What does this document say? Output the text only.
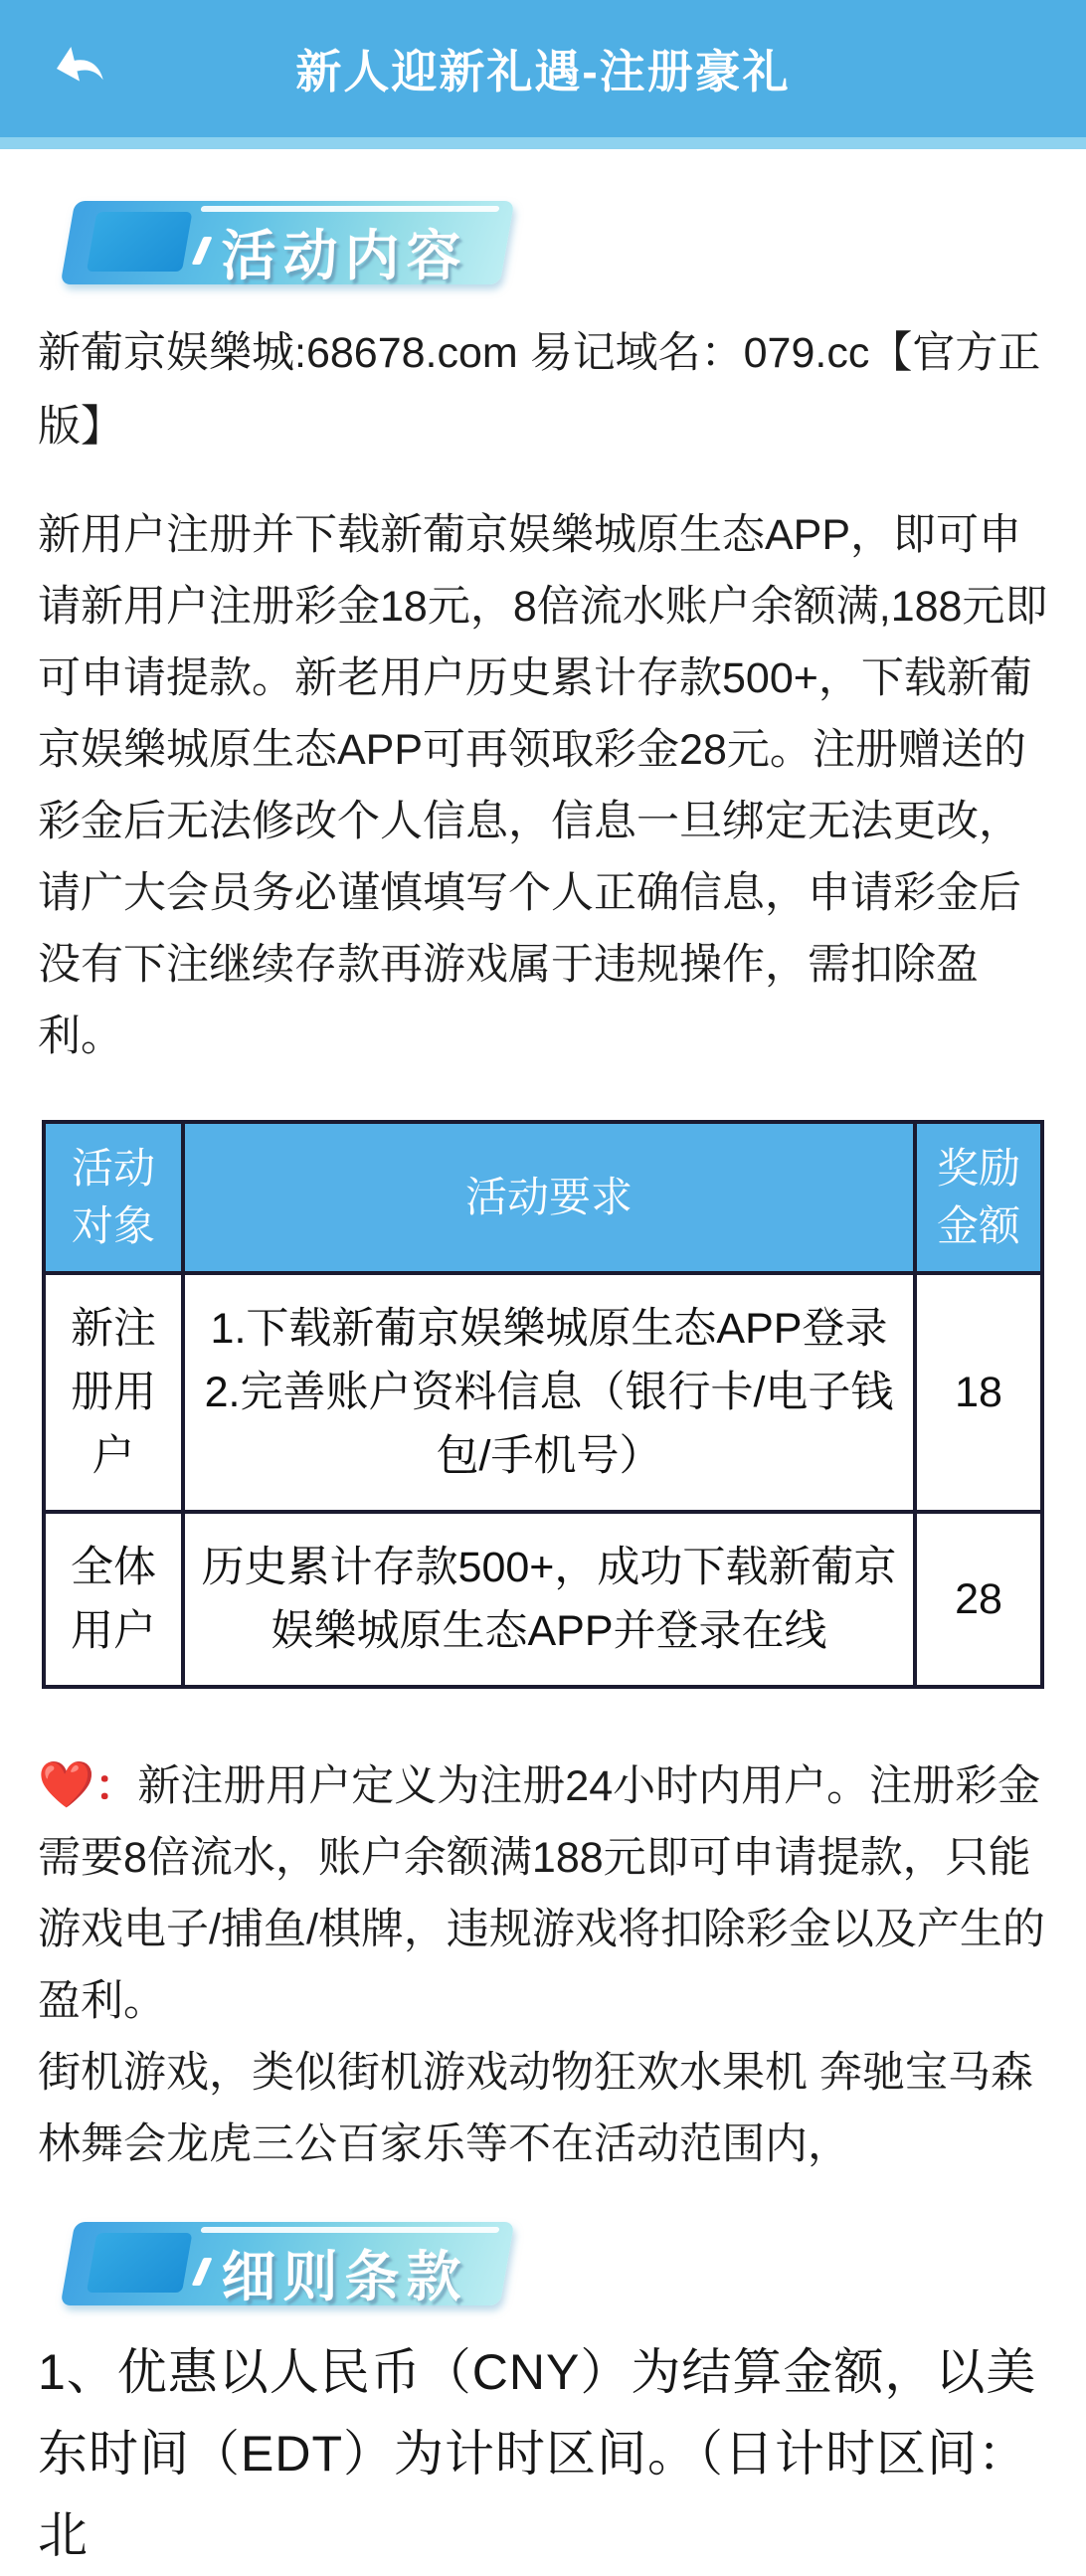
新人迎新礼遇-注册豪礼
活动内容

新葡京娱樂城:68678.com 易记域名：079.cc【官方正版】

新用户注册并下载新葡京娱樂城原生态APP，即可申请新用户注册彩金18元，8倍流水账户余额满,188元即可申请提款。新老用户历史累计存款500+，下载新葡京娱樂城原生态APP可再领取彩金28元。注册赠送的彩金后无法修改个人信息，信息一旦绑定无法更改，请广大会员务必谨慎填写个人正确信息，申请彩金后没有下注继续存款再游戏属于违规操作，需扣除盈利。

活动对象	活动要求	奖励金额
新注册用户	1.下载新葡京娱樂城原生态APP登录 2.完善账户资料信息（银行卡/电子钱包/手机号）	18
全体用户	历史累计存款500+，成功下载新葡京娱樂城原生态APP并登录在线	28

❤️：新注册用户定义为注册24小时内用户。注册彩金需要8倍流水，账户余额满188元即可申请提款，只能游戏电子/捕鱼/棋牌，违规游戏将扣除彩金以及产生的盈利。
街机游戏，类似街机游戏动物狂欢水果机 奔驰宝马森林舞会龙虎三公百家乐等不在活动范围内，

细则条款

1、优惠以人民币（CNY）为结算金额，以美东时间（EDT）为计时区间。（日计时区间：北
